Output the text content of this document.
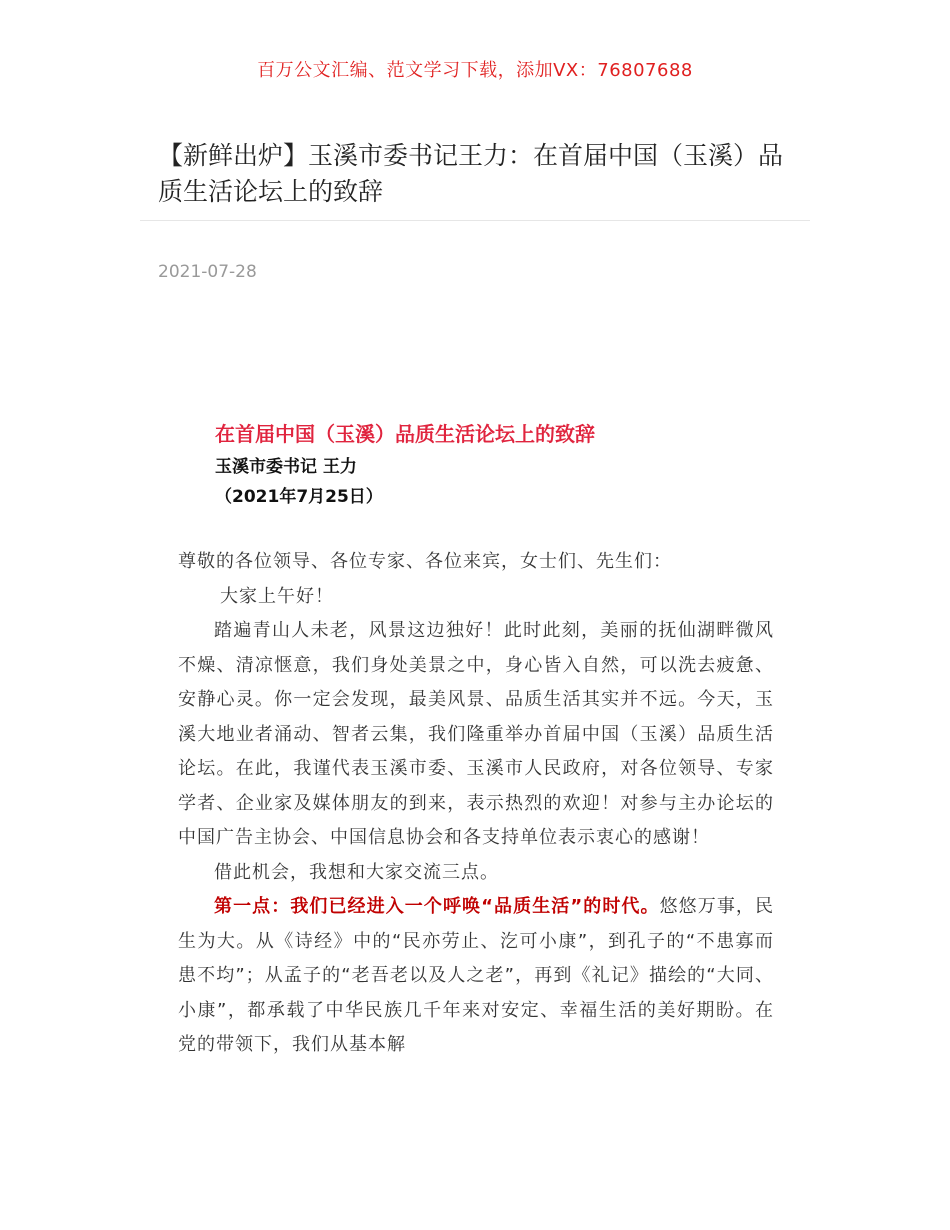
百万公文汇编、范文学习下载，添加VX：76807688
【新鲜出炉】玉溪市委书记王力：在首届中国（玉溪）品质生活论坛上的致辞
2021-07-28
在首届中国（玉溪）品质生活论坛上的致辞
玉溪市委书记 王力
（2021年7月25日）

尊敬的各位领导、各位专家、各位来宾，女士们、先生们：

大家上午好！

踏遍青山人未老，风景这边独好！此时此刻，美丽的抚仙湖畔微风不燥、清凉惬意，我们身处美景之中，身心皆入自然，可以洗去疲惫、安静心灵。你一定会发现，最美风景、品质生活其实并不远。今天，玉溪大地业者涌动、智者云集，我们隆重举办首届中国（玉溪）品质生活论坛。在此，我谨代表玉溪市委、玉溪市人民政府，对各位领导、专家学者、企业家及媒体朋友的到来，表示热烈的欢迎！对参与主办论坛的中国广告主协会、中国信息协会和各支持单位表示衷心的感谢！

借此机会，我想和大家交流三点。

第一点：我们已经进入一个呼唤“品质生活”的时代。悠悠万事，民生为大。从《诗经》中的“民亦劳止、汔可小康”，到孔子的“不患寡而患不均”；从孟子的“老吾老以及人之老”，再到《礼记》描绘的“大同、小康”，都承载了中华民族几千年来对安定、幸福生活的美好期盼。在党的带领下，我们从基本解
